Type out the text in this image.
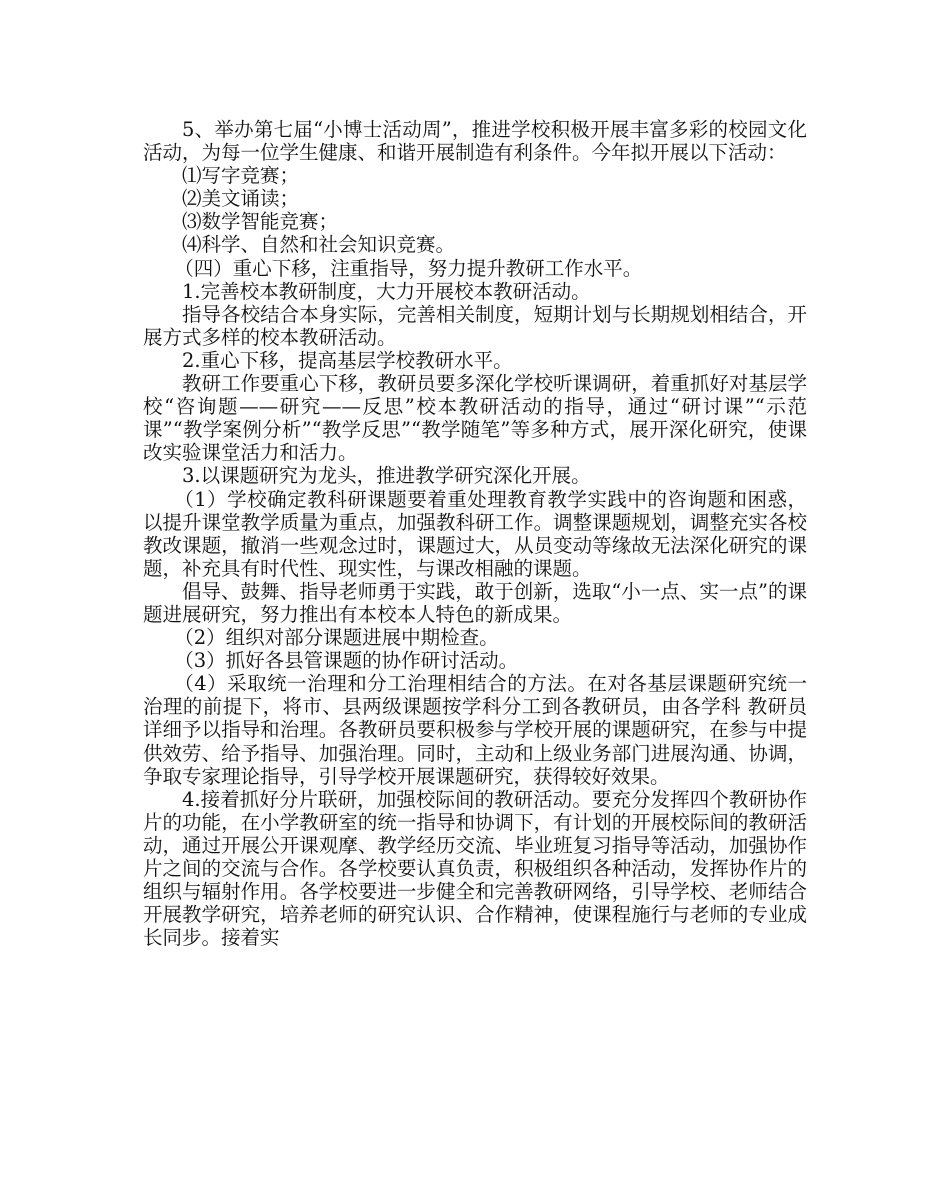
5、举办第七届“小博士活动周”，推进学校积极开展丰富多彩的校园文化活动，为每一位学生健康、和谐开展制造有利条件。今年拟开展以下活动：

⑴写字竞赛；

⑵美文诵读；

⑶数学智能竞赛；

⑷科学、自然和社会知识竞赛。

（四）重心下移，注重指导，努力提升教研工作水平。

1.完善校本教研制度，大力开展校本教研活动。

指导各校结合本身实际，完善相关制度，短期计划与长期规划相结合，开展方式多样的校本教研活动。

2.重心下移，提高基层学校教研水平。

教研工作要重心下移，教研员要多深化学校听课调研，着重抓好对基层学校“咨询题——研究——反思”校本教研活动的指导，通过“研讨课”“示范课”“教学案例分析”“教学反思”“教学随笔”等多种方式，展开深化研究，使课改实验课堂活力和活力。

3.以课题研究为龙头，推进教学研究深化开展。

（1）学校确定教科研课题要着重处理教育教学实践中的咨询题和困惑，以提升课堂教学质量为重点，加强教科研工作。调整课题规划，调整充实各校教改课题，撤消一些观念过时，课题过大，从员变动等缘故无法深化研究的课题，补充具有时代性、现实性，与课改相融的课题。

倡导、鼓舞、指导老师勇于实践，敢于创新，选取“小一点、实一点”的课题进展研究，努力推出有本校本人特色的新成果。

（2）组织对部分课题进展中期检查。

（3）抓好各县管课题的协作研讨活动。

（4）采取统一治理和分工治理相结合的方法。在对各基层课题研究统一治理的前提下，将市、县两级课题按学科分工到各教研员，由各学科 教研员详细予以指导和治理。各教研员要积极参与学校开展的课题研究，在参与中提供效劳、给予指导、加强治理。同时，主动和上级业务部门进展沟通、协调，争取专家理论指导，引导学校开展课题研究，获得较好效果。

4.接着抓好分片联研，加强校际间的教研活动。要充分发挥四个教研协作片的功能，在小学教研室的统一指导和协调下，有计划的开展校际间的教研活动，通过开展公开课观摩、教学经历交流、毕业班复习指导等活动，加强协作片之间的交流与合作。各学校要认真负责，积极组织各种活动，发挥协作片的组织与辐射作用。各学校要进一步健全和完善教研网络，引导学校、老师结合开展教学研究，培养老师的研究认识、合作精神，使课程施行与老师的专业成长同步。接着实
